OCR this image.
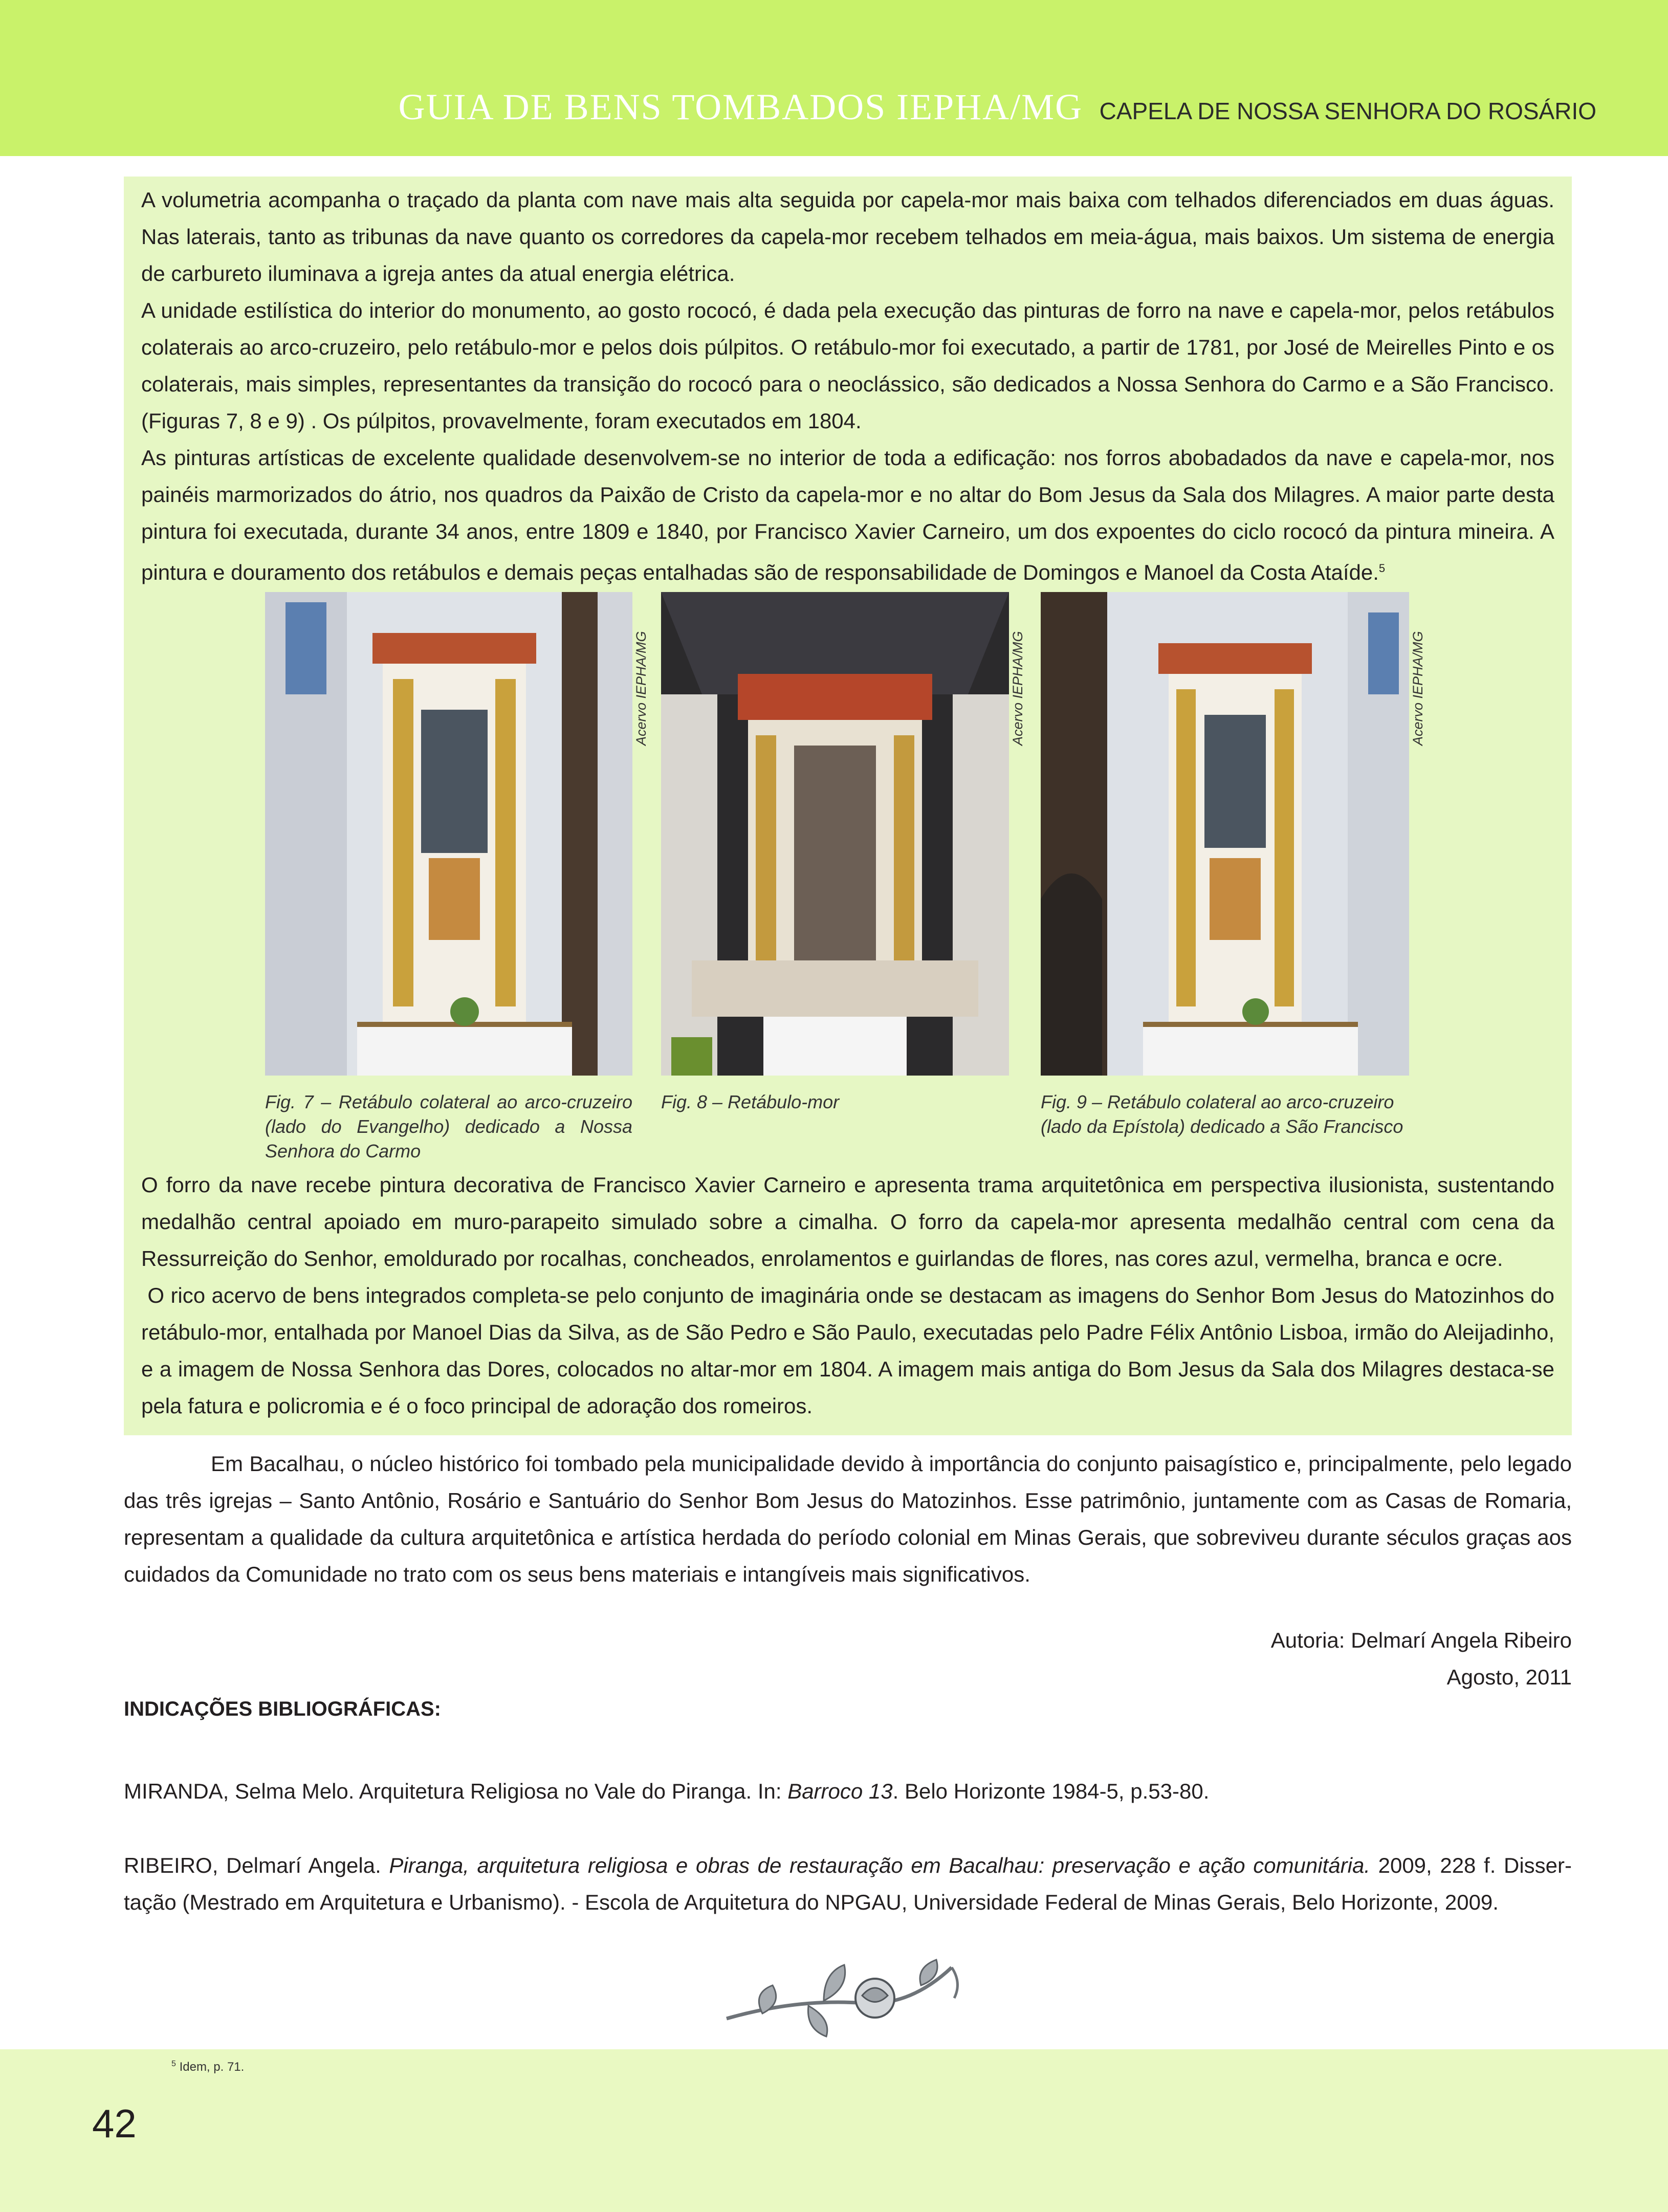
GUIA DE BENS TOMBADOS IEPHA/MG CAPELA DE NOSSA SENHORA DO ROSÁRIO
A volumetria acompanha o traçado da planta com nave mais alta seguida por capela-mor mais baixa com telhados diferenciados em duas águas. Nas laterais, tanto as tribunas da nave quanto os corredores da capela-mor recebem telhados em meia-água, mais baixos. Um sistema de energia de carbureto iluminava a igreja antes da atual energia elétrica.
A unidade estilística do interior do monumento, ao gosto rococó, é dada pela execução das pinturas de forro na nave e capela-mor, pelos retábulos colaterais ao arco-cruzeiro, pelo retábulo-mor e pelos dois púlpitos. O retábulo-mor foi executado, a partir de 1781, por José de Meirelles Pinto e os colaterais, mais simples, representantes da transição do rococó para o neoclássico, são dedicados a Nossa Senhora do Carmo e a São Francisco. (Figuras 7, 8 e 9) . Os púlpitos, provavelmente, foram executados em 1804.
As pinturas artísticas de excelente qualidade desenvolvem-se no interior de toda a edificação: nos forros abobadados da nave e capela-mor, nos painéis marmorizados do átrio, nos quadros da Paixão de Cristo da capela-mor e no altar do Bom Jesus da Sala dos Milagres. A maior parte desta pintura foi executada, durante 34 anos, entre 1809 e 1840, por Francisco Xavier Carneiro, um dos expoentes do ciclo rococó da pintura mineira. A pintura e douramento dos retábulos e demais peças entalhadas são de responsabilidade de Domingos e Manoel da Costa Ataíde.$^5$
Acervo IEPHA/MG	Acervo IEPHA/MG	Acervo IEPHA/MG
Fig. 7 – Retábulo colateral ao arco-cruzeiro (lado do Evangelho) dedicado a Nossa Senhora do Carmo
Fig. 8 – Retábulo-mor	Fig. 9 – Retábulo colateral ao arco-cruzeiro (lado da Epístola) dedicado a São Francisco
O forro da nave recebe pintura decorativa de Francisco Xavier Carneiro e apresenta trama arquitetônica em perspectiva ilusionista, sustentando medalhão central apoiado em muro-parapeito simulado sobre a cimalha. O forro da capela-mor apresenta medalhão central com cena da Ressurreição do Senhor, emoldurado por rocalhas, concheados, enrolamentos e guirlandas de flores, nas cores azul, vermelha, branca e ocre.
O rico acervo de bens integrados completa-se pelo conjunto de imaginária onde se destacam as imagens do Senhor Bom Jesus do Matozinhos do retábulo-mor, entalhada por Manoel Dias da Silva, as de São Pedro e São Paulo, executadas pelo Padre Félix Antônio Lisboa, irmão do Aleijadinho, e a imagem de Nossa Senhora das Dores, colocados no altar-mor em 1804. A imagem mais antiga do Bom Jesus da Sala dos Milagres destaca-se pela fatura e policromia e é o foco principal de adoração dos romeiros.

Em Bacalhau, o núcleo histórico foi tombado pela municipalidade devido à importância do conjunto paisagístico e, principalmente, pelo legado das três igrejas – Santo Antônio, Rosário e Santuário do Senhor Bom Jesus do Matozinhos. Esse patrimônio, juntamente com as Casas de Romaria, representam a qualidade da cultura arquitetônica e artística herdada do período colonial em Minas Gerais, que sobreviveu durante séculos graças aos cuidados da Comunidade no trato com os seus bens materiais e intangíveis mais significativos.

Autoria: Delmarí Angela Ribeiro
Agosto, 2011
INDICAÇÕES BIBLIOGRÁFICAS:

MIRANDA, Selma Melo. Arquitetura Religiosa no Vale do Piranga. In: Barroco 13. Belo Horizonte 1984-5, p.53-80.

RIBEIRO, Delmarí Angela. Piranga, arquitetura religiosa e obras de restauração em Bacalhau: preservação e ação comunitária. 2009, 228 f. Disser-tação (Mestrado em Arquitetura e Urbanismo). - Escola de Arquitetura do NPGAU, Universidade Federal de Minas Gerais, Belo Horizonte, 2009.

$^5$ Idem, p. 71.
42
